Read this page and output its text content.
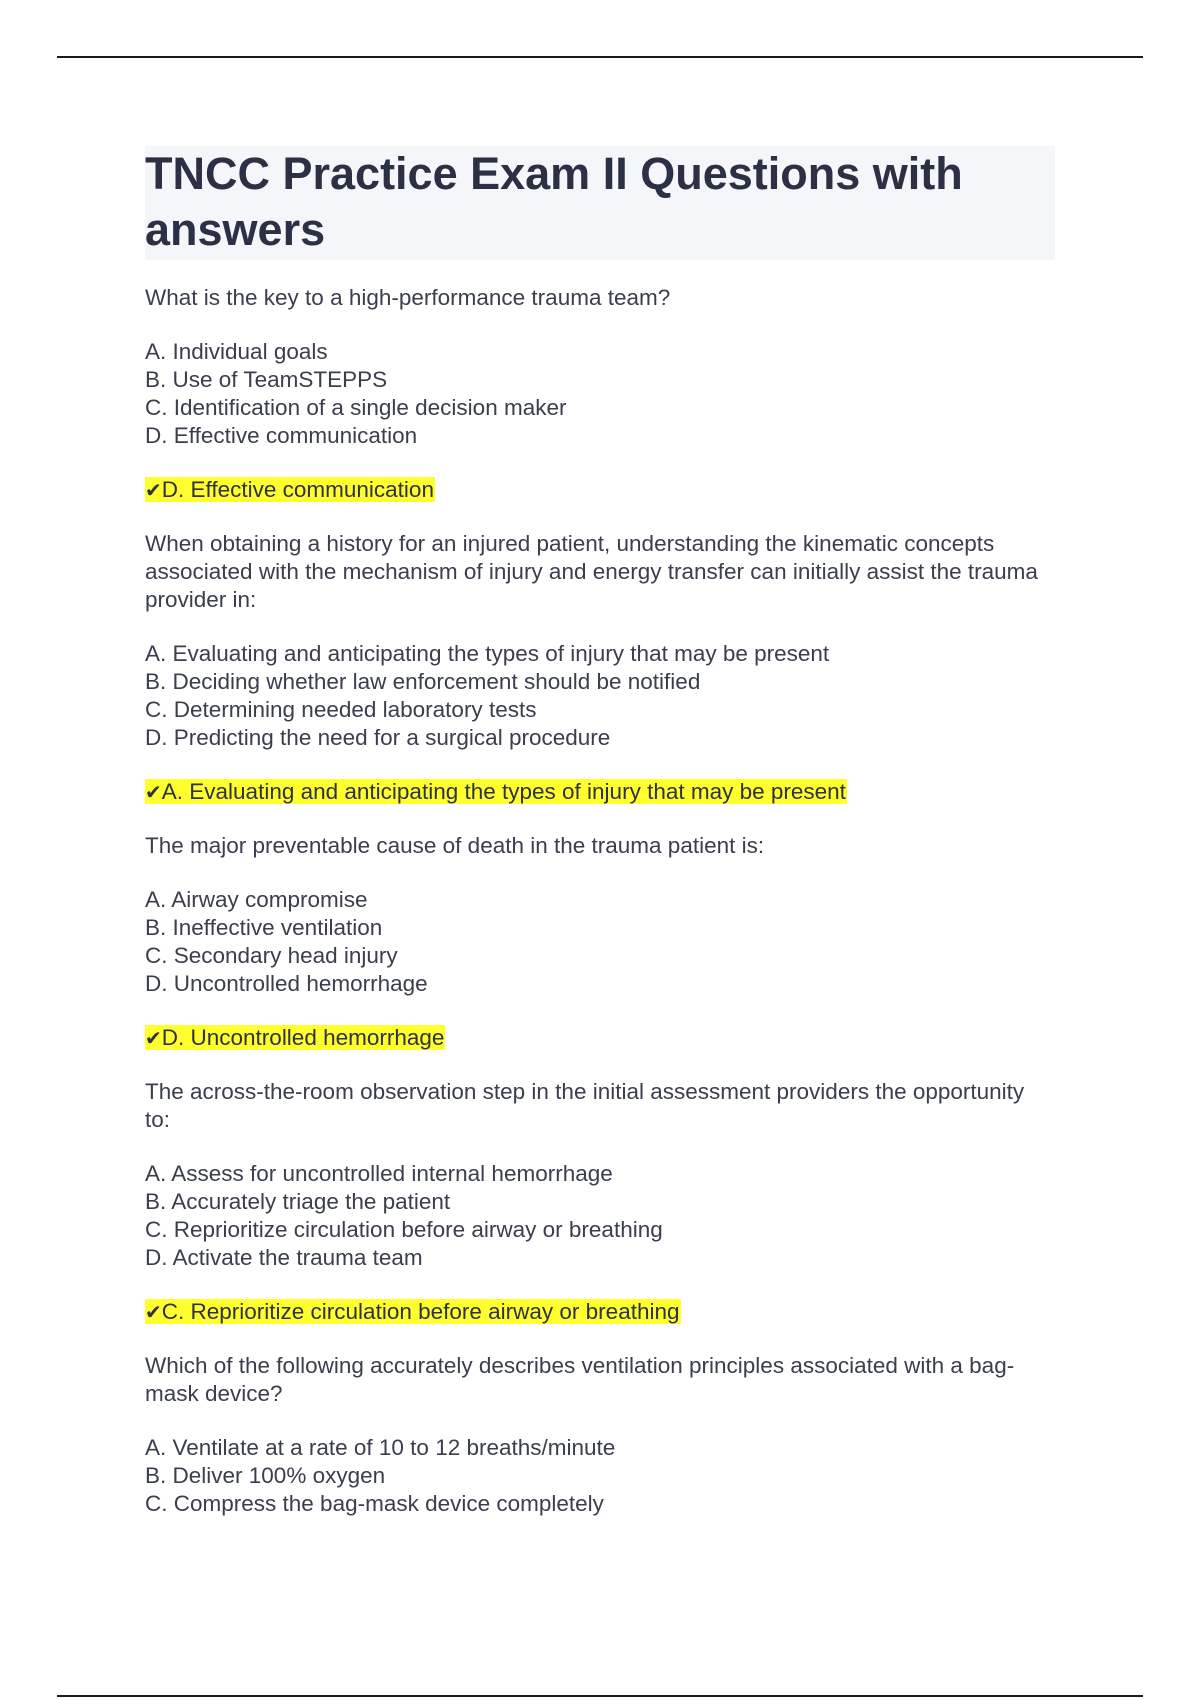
TNCC Practice Exam II Questions with answers

What is the key to a high-performance trauma team?

A. Individual goals
B. Use of TeamSTEPPS
C. Identification of a single decision maker
D. Effective communication

✔D. Effective communication

When obtaining a history for an injured patient, understanding the kinematic concepts associated with the mechanism of injury and energy transfer can initially assist the trauma provider in:

A. Evaluating and anticipating the types of injury that may be present
B. Deciding whether law enforcement should be notified
C. Determining needed laboratory tests
D. Predicting the need for a surgical procedure

✔A. Evaluating and anticipating the types of injury that may be present

The major preventable cause of death in the trauma patient is:

A. Airway compromise
B. Ineffective ventilation
C. Secondary head injury
D. Uncontrolled hemorrhage

✔D. Uncontrolled hemorrhage

The across-the-room observation step in the initial assessment providers the opportunity to:

A. Assess for uncontrolled internal hemorrhage
B. Accurately triage the patient
C. Reprioritize circulation before airway or breathing
D. Activate the trauma team

✔C. Reprioritize circulation before airway or breathing

Which of the following accurately describes ventilation principles associated with a bag-mask device?

A. Ventilate at a rate of 10 to 12 breaths/minute
B. Deliver 100% oxygen
C. Compress the bag-mask device completely
